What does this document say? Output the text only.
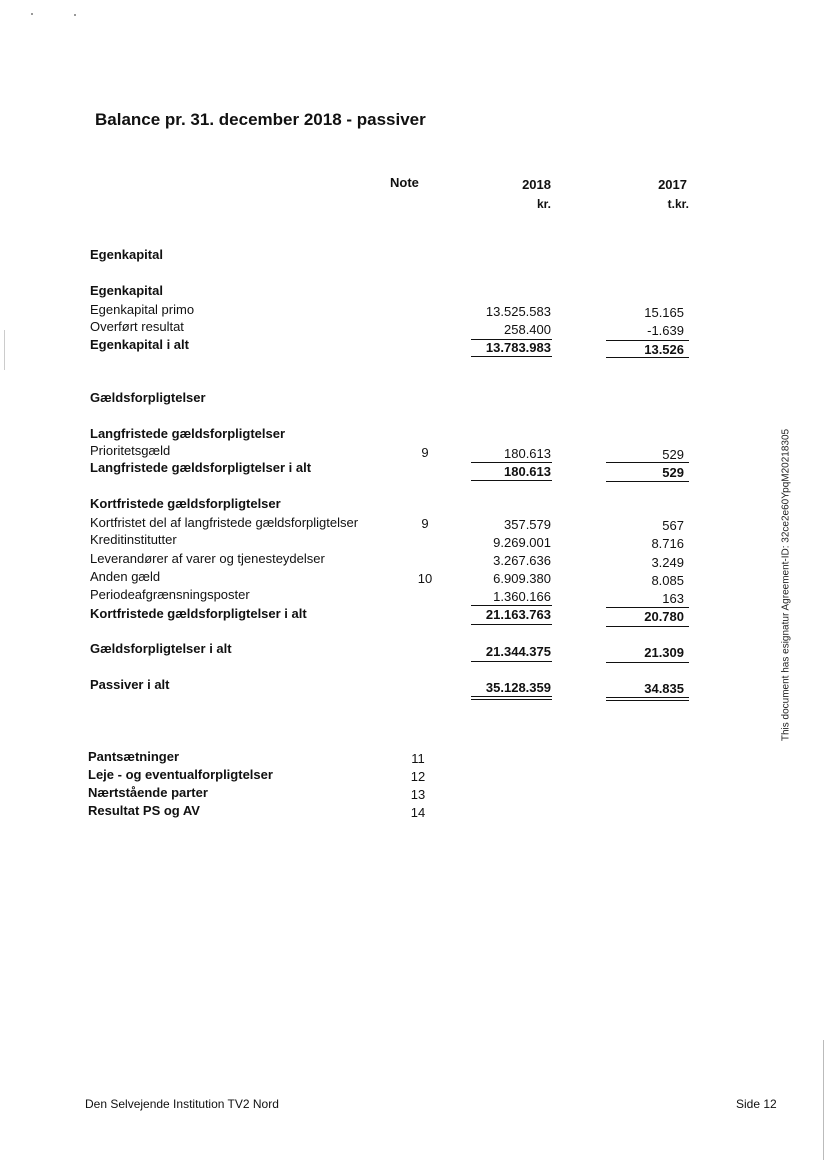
Balance pr. 31. december 2018 - passiver
Note	2018
kr.
2017
t.kr.
Egenkapital
Egenkapital
Egenkapital primo	13.525.583	15.165
Overført resultat	258.400	-1.639
Egenkapital i alt	13.783.983	13.526
Gældsforpligtelser
Langfristede gældsforpligtelser
Prioritetsgæld	9	180.613	529
Langfristede gældsforpligtelser i alt	180.613	529
Kortfristede gældsforpligtelser
Kortfristet del af langfristede gældsforpligtelser	9	357.579	567
Kreditinstitutter	9.269.001	8.716
Leverandører af varer og tjenesteydelser	3.267.636	3.249
Anden gæld	10	6.909.380	8.085
Periodeafgrænsningsposter	1.360.166	163
Kortfristede gældsforpligtelser i alt	21.163.763	20.780
Gældsforpligtelser i alt	21.344.375	21.309
Passiver i alt	35.128.359	34.835
Pantsætninger	11
Leje - og eventualforpligtelser	12
Nærtstående parter	13
Resultat PS og AV	14
This document has esignatur Agreement-ID: 32ce2e60YpqM20218305
Den Selvejende Institution TV2 Nord	Side 12
